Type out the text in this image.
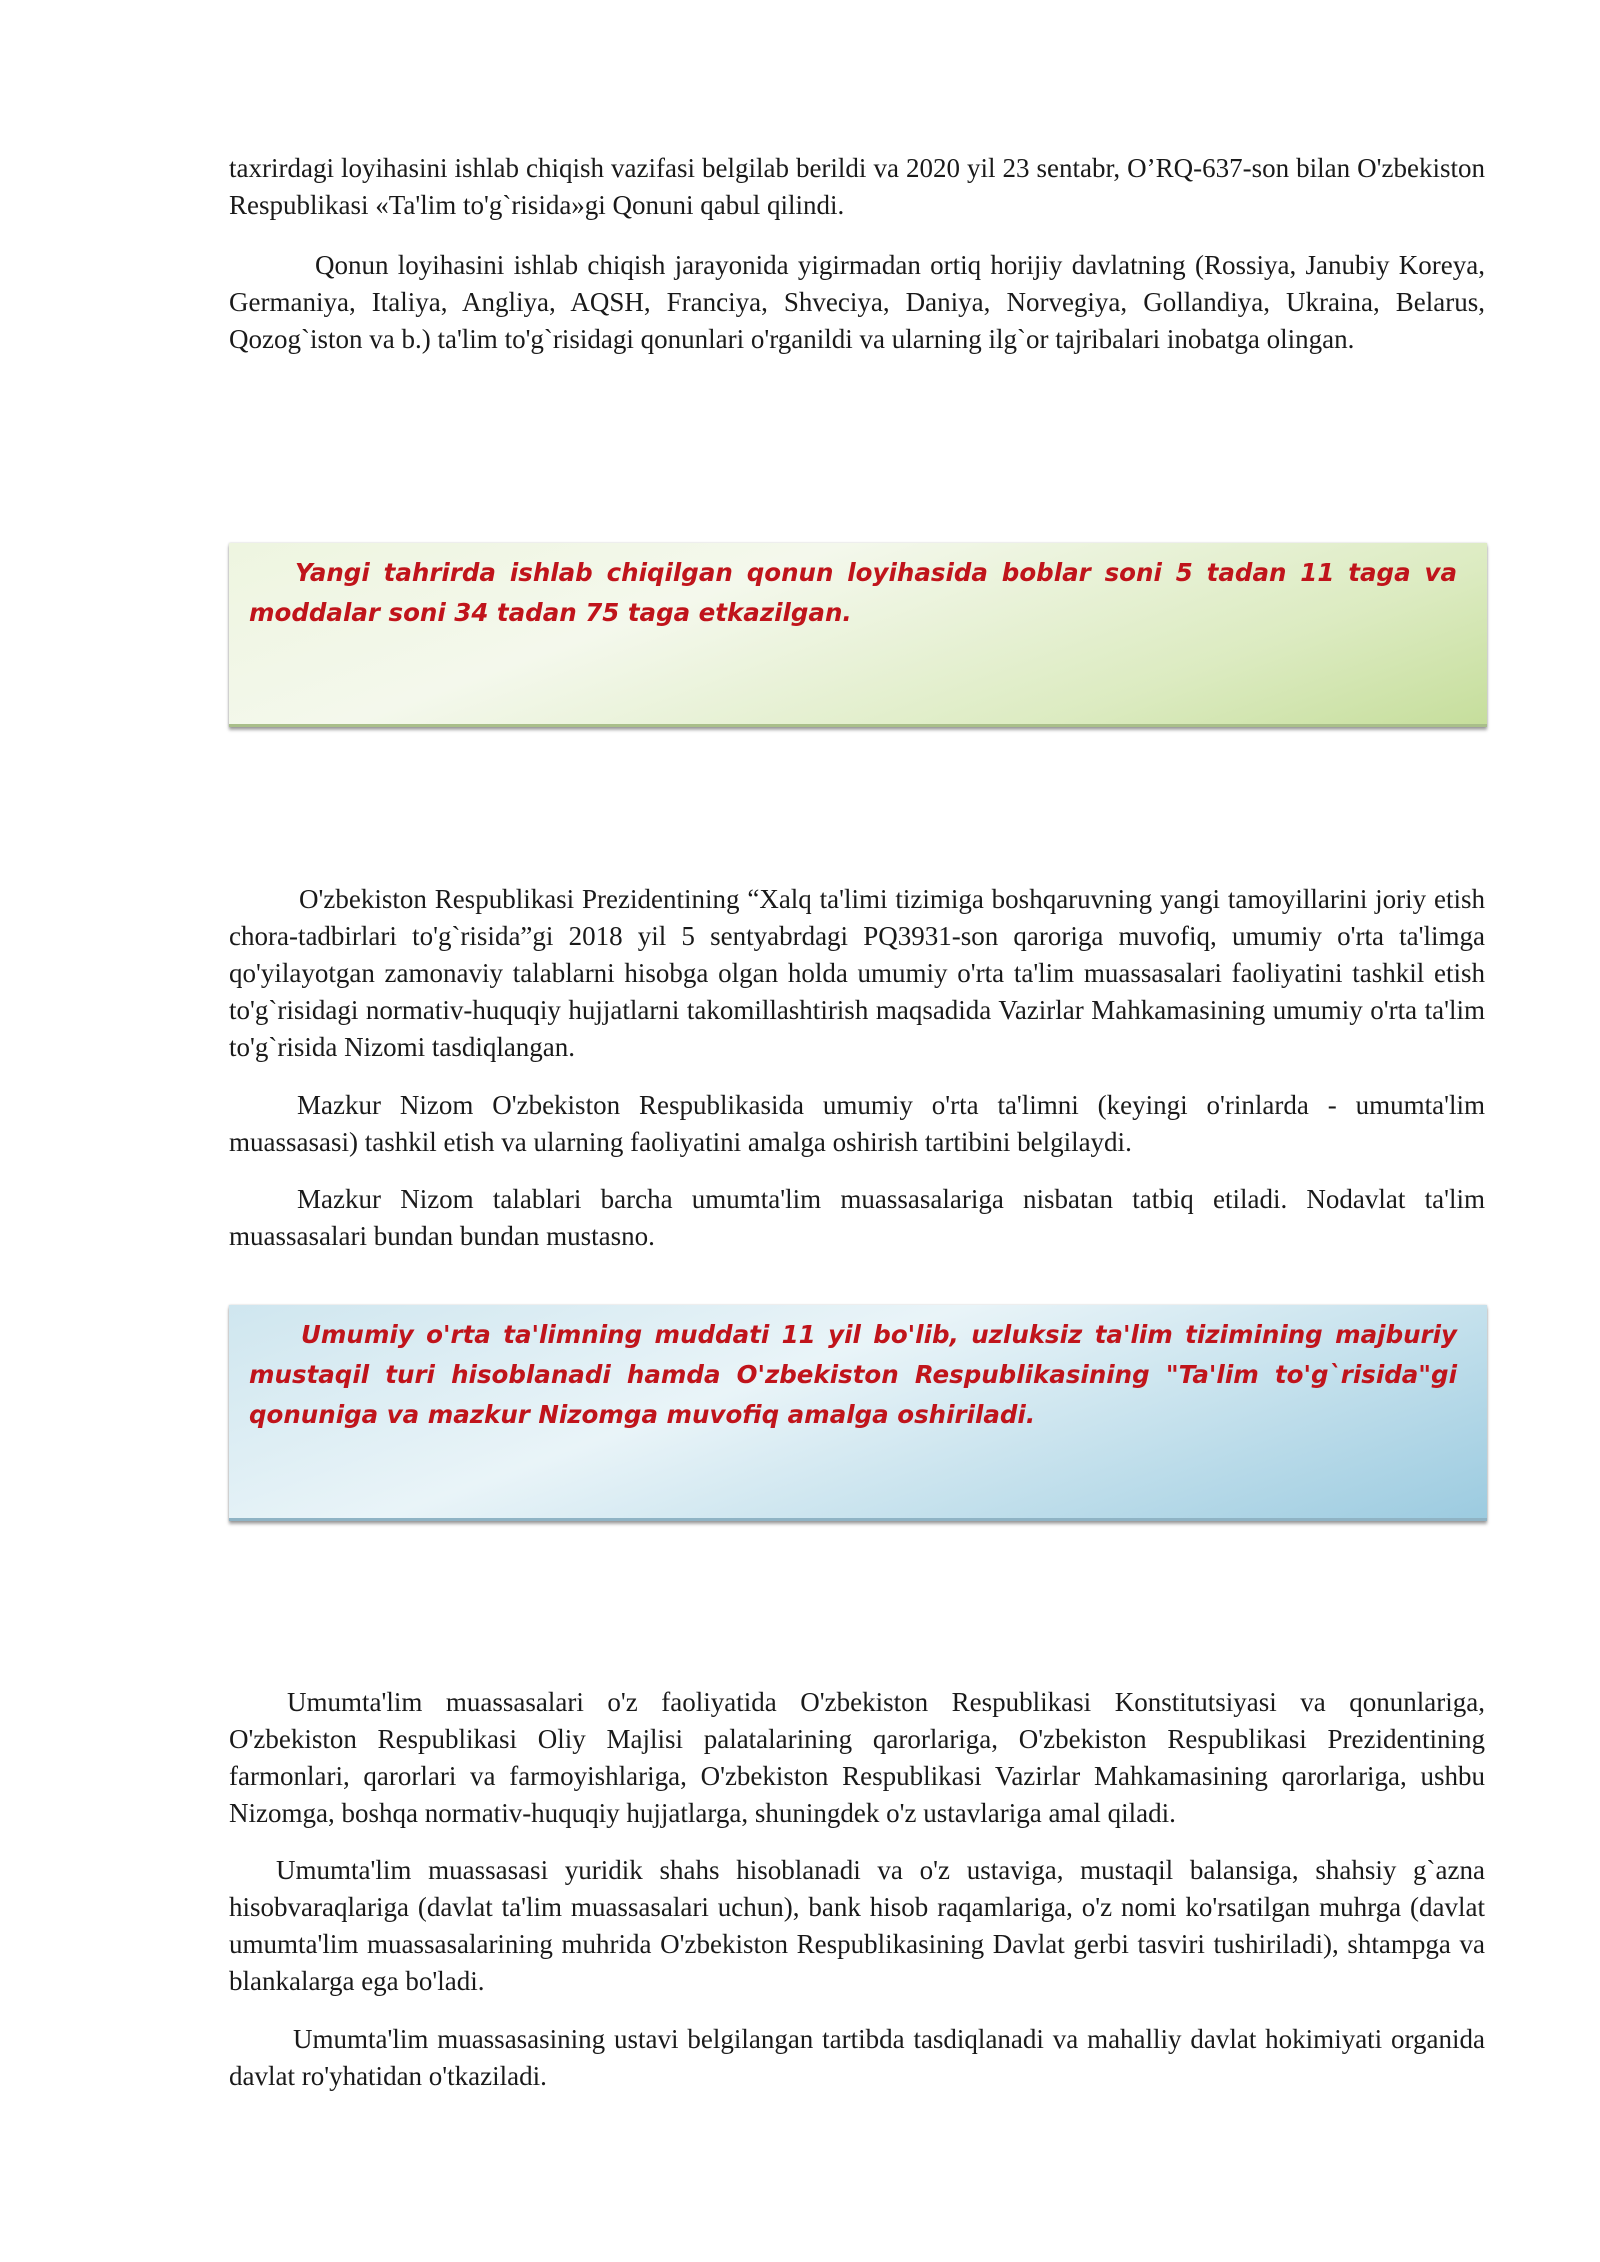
taxrirdagi loyihasini ishlab chiqish vazifasi belgilab berildi va 2020 yil 23 sentabr, O’RQ-637-son bilan O'zbekiston Respublikasi «Ta'lim to'g`risida»gi Qonuni qabul qilindi.

Qonun loyihasini ishlab chiqish jarayonida yigirmadan ortiq horijiy davlatning (Rossiya, Janubiy Koreya, Germaniya, Italiya, Angliya, AQSH, Franciya, Shveciya, Daniya, Norvegiya, Gollandiya, Ukraina, Belarus, Qozog`iston va b.) ta'lim to'g`risidagi qonunlari o'rganildi va ularning ilg`or tajribalari inobatga olingan.

Yangi tahrirda ishlab chiqilgan qonun loyihasida boblar soni 5 tadan 11 taga va moddalar soni 34 tadan 75 taga etkazilgan.

O'zbekiston Respublikasi Prezidentining “Xalq ta'limi tizimiga boshqaruvning yangi tamoyillarini joriy etish chora-tadbirlari to'g`risida”gi 2018 yil 5 sentyabrdagi PQ3931-son qaroriga muvofiq, umumiy o'rta ta'limga qo'yilayotgan zamonaviy talablarni hisobga olgan holda umumiy o'rta ta'lim muassasalari faoliyatini tashkil etish to'g`risidagi normativ-huquqiy hujjatlarni takomillashtirish maqsadida Vazirlar Mahkamasining umumiy o'rta ta'lim to'g`risida Nizomi tasdiqlangan.

Mazkur Nizom O'zbekiston Respublikasida umumiy o'rta ta'limni (keyingi o'rinlarda - umumta'lim muassasasi) tashkil etish va ularning faoliyatini amalga oshirish tartibini belgilaydi.

Mazkur Nizom talablari barcha umumta'lim muassasalariga nisbatan tatbiq etiladi. Nodavlat ta'lim muassasalari bundan bundan mustasno.

Umumiy o'rta ta'limning muddati 11 yil bo'lib, uzluksiz ta'lim tizimining majburiy mustaqil turi hisoblanadi hamda O'zbekiston Respublikasining "Ta'lim to'g`risida"gi qonuniga va mazkur Nizomga muvofiq amalga oshiriladi.

Umumta'lim muassasalari o'z faoliyatida O'zbekiston Respublikasi Konstitutsiyasi va qonunlariga, O'zbekiston Respublikasi Oliy Majlisi palatalarining qarorlariga, O'zbekiston Respublikasi Prezidentining farmonlari, qarorlari va farmoyishlariga, O'zbekiston Respublikasi Vazirlar Mahkamasining qarorlariga, ushbu Nizomga, boshqa normativ-huquqiy hujjatlarga, shuningdek o'z ustavlariga amal qiladi.

Umumta'lim muassasasi yuridik shahs hisoblanadi va o'z ustaviga, mustaqil balansiga, shahsiy g`azna hisobvaraqlariga (davlat ta'lim muassasalari uchun), bank hisob raqamlariga, o'z nomi ko'rsatilgan muhrga (davlat umumta'lim muassasalarining muhrida O'zbekiston Respublikasining Davlat gerbi tasviri tushiriladi), shtampga va blankalarga ega bo'ladi.

Umumta'lim muassasasining ustavi belgilangan tartibda tasdiqlanadi va mahalliy davlat hokimiyati organida davlat ro'yhatidan o'tkaziladi.
